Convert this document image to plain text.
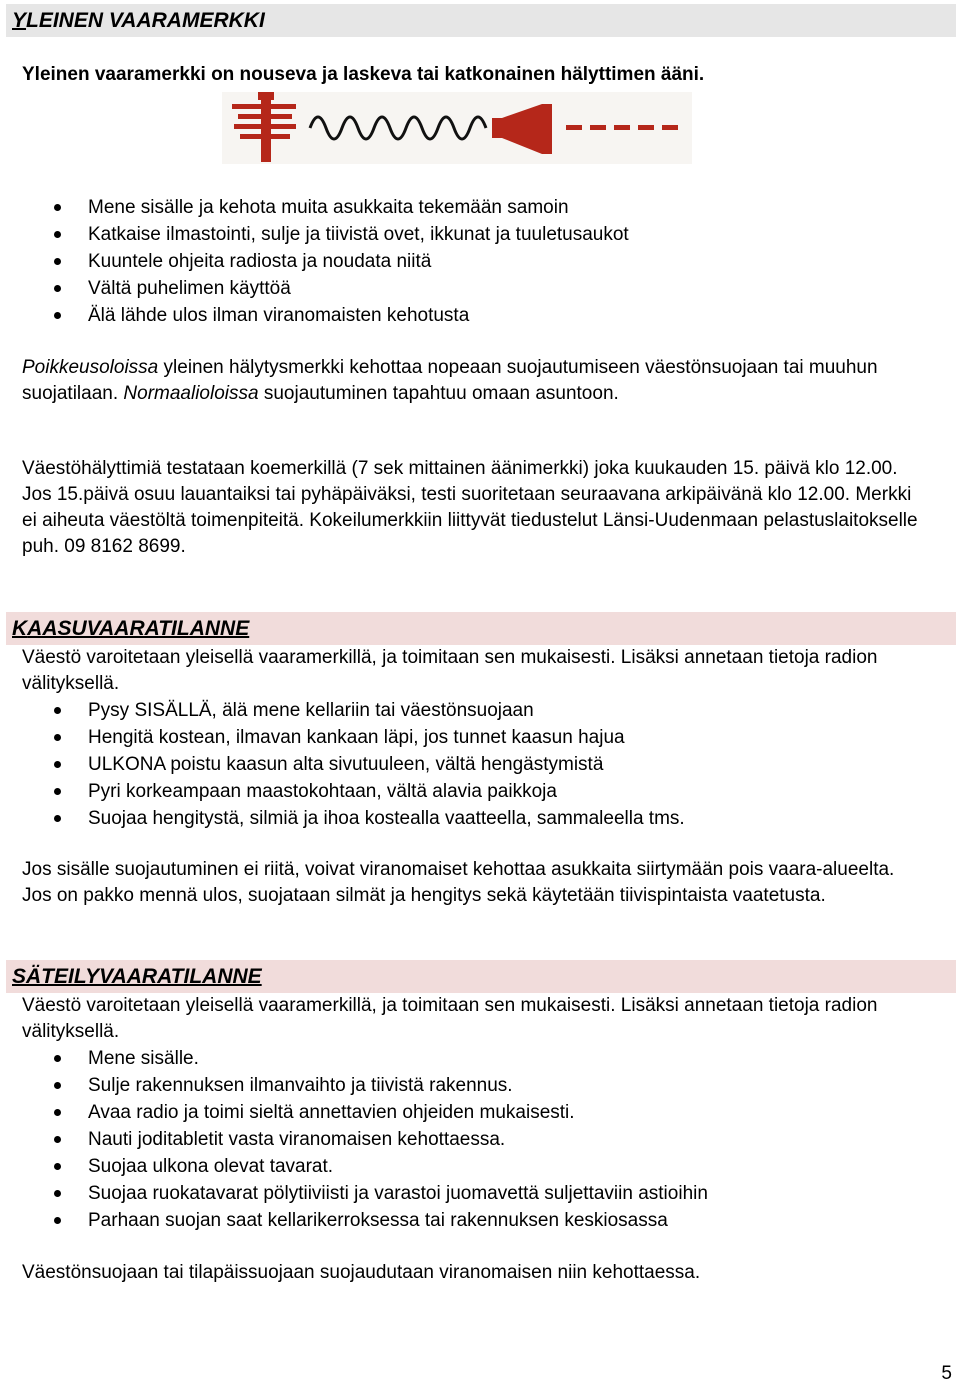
YLEINEN VAARAMERKKI

Yleinen vaaramerkki on nouseva ja laskeva tai katkonainen hälyttimen ääni.

Mene sisälle ja kehota muita asukkaita tekemään samoin
Katkaise ilmastointi, sulje ja tiivistä ovet, ikkunat ja tuuletusaukot
Kuuntele ohjeita radiosta ja noudata niitä
Vältä puhelimen käyttöä
Älä lähde ulos ilman viranomaisten kehotusta

Poikkeusoloissa yleinen hälytysmerkki kehottaa nopeaan suojautumiseen väestönsuojaan tai muuhun suojatilaan. Normaalioloissa suojautuminen tapahtuu omaan asuntoon.

Väestöhälyttimiä testataan koemerkillä (7 sek mittainen äänimerkki) joka kuukauden 15. päivä klo 12.00. Jos 15.päivä osuu lauantaiksi tai pyhäpäiväksi, testi suoritetaan seuraavana arkipäivänä klo 12.00. Merkki ei aiheuta väestöltä toimenpiteitä. Kokeilumerkkiin liittyvät tiedustelut Länsi-Uudenmaan pelastuslaitokselle puh. 09 8162 8699.

KAASUVAARATILANNE

Väestö varoitetaan yleisellä vaaramerkillä, ja toimitaan sen mukaisesti. Lisäksi annetaan tietoja radion välityksellä.

Pysy SISÄLLÄ, älä mene kellariin tai väestönsuojaan
Hengitä kostean, ilmavan kankaan läpi, jos tunnet kaasun hajua
ULKONA poistu kaasun alta sivutuuleen, vältä hengästymistä
Pyri korkeampaan maastokohtaan, vältä alavia paikkoja
Suojaa hengitystä, silmiä ja ihoa kostealla vaatteella, sammaleella tms.

Jos sisälle suojautuminen ei riitä, voivat viranomaiset kehottaa asukkaita siirtymään pois vaara-alueelta. Jos on pakko mennä ulos, suojataan silmät ja hengitys sekä käytetään tiivispintaista vaatetusta.

SÄTEILYVAARATILANNE

Väestö varoitetaan yleisellä vaaramerkillä, ja toimitaan sen mukaisesti. Lisäksi annetaan tietoja radion välityksellä.

Mene sisälle.
Sulje rakennuksen ilmanvaihto ja tiivistä rakennus.
Avaa radio ja toimi sieltä annettavien ohjeiden mukaisesti.
Nauti joditabletit vasta viranomaisen kehottaessa.
Suojaa ulkona olevat tavarat.
Suojaa ruokatavarat pölytiiviisti ja varastoi juomavettä suljettaviin astioihin
Parhaan suojan saat kellarikerroksessa tai rakennuksen keskiosassa

Väestönsuojaan tai tilapäissuojaan suojaudutaan viranomaisen niin kehottaessa.

5
